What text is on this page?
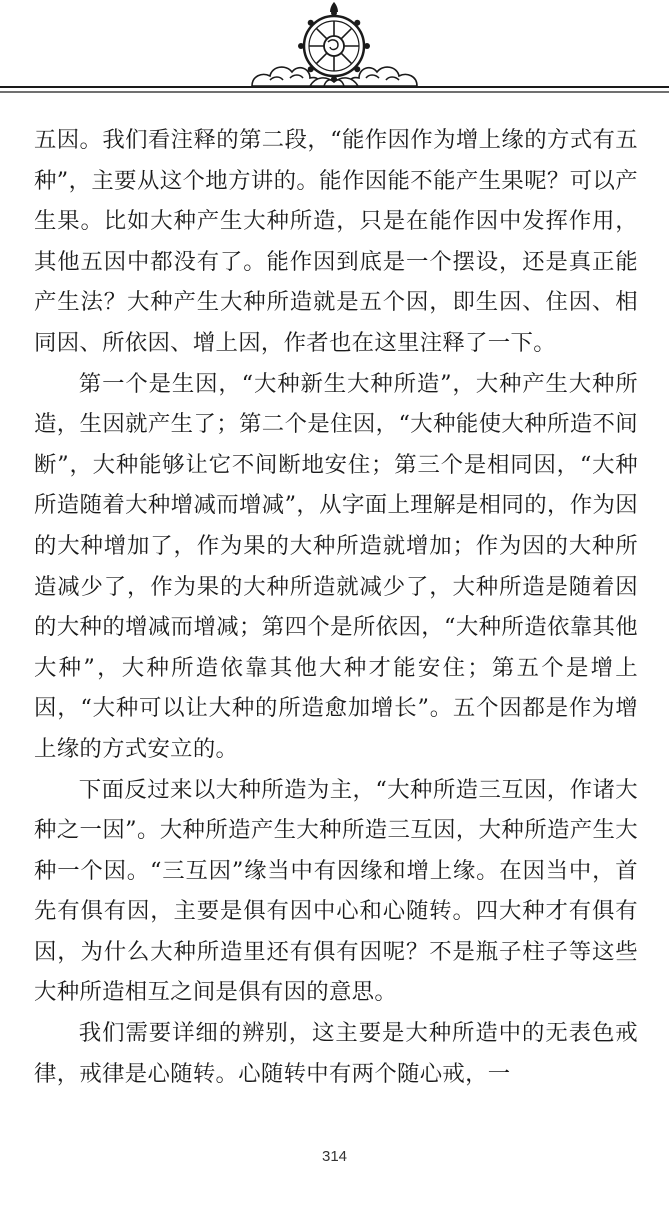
五因。我们看注释的第二段，“能作因作为增上缘的方式有五种”，主要从这个地方讲的。能作因能不能产生果呢？可以产生果。比如大种产生大种所造，只是在能作因中发挥作用，其他五因中都没有了。能作因到底是一个摆设，还是真正能产生法？大种产生大种所造就是五个因，即生因、住因、相同因、所依因、增上因，作者也在这里注释了一下。

第一个是生因，“大种新生大种所造”，大种产生大种所造，生因就产生了；第二个是住因，“大种能使大种所造不间断”，大种能够让它不间断地安住；第三个是相同因，“大种所造随着大种增减而增减”，从字面上理解是相同的，作为因的大种增加了，作为果的大种所造就增加；作为因的大种所造减少了，作为果的大种所造就减少了，大种所造是随着因的大种的增减而增减；第四个是所依因，“大种所造依靠其他大种”，大种所造依靠其他大种才能安住；第五个是增上因，“大种可以让大种的所造愈加增长”。五个因都是作为增上缘的方式安立的。

下面反过来以大种所造为主，“大种所造三互因，作诸大种之一因”。大种所造产生大种所造三互因，大种所造产生大种一个因。“三互因”缘当中有因缘和增上缘。在因当中，首先有俱有因，主要是俱有因中心和心随转。四大种才有俱有因，为什么大种所造里还有俱有因呢？不是瓶子柱子等这些大种所造相互之间是俱有因的意思。

我们需要详细的辨别，这主要是大种所造中的无表色戒律，戒律是心随转。心随转中有两个随心戒，一

314
